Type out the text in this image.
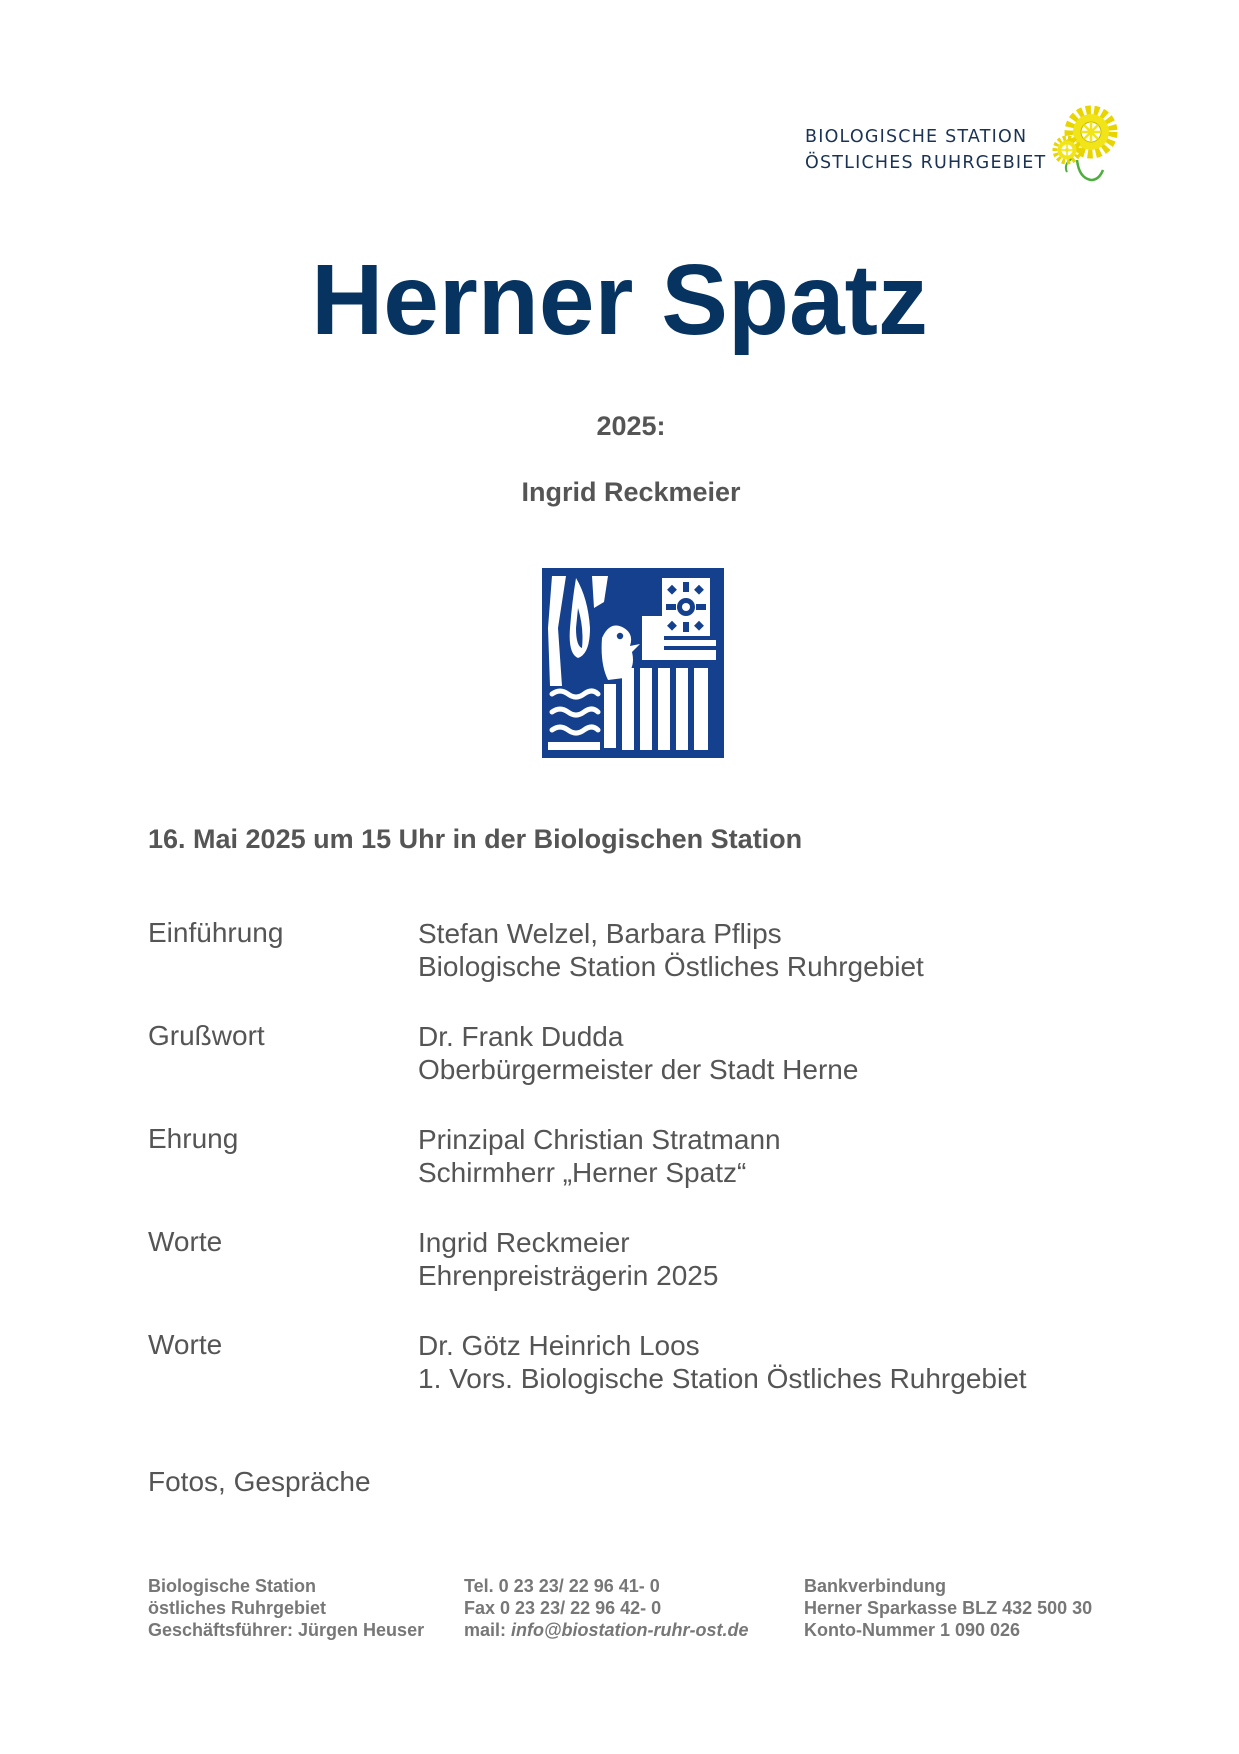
BIOLOGISCHE STATION
ÖSTLICHES RUHRGEBIET
Herner Spatz
2025:
Ingrid Reckmeier
16. Mai 2025 um 15 Uhr in der Biologischen Station
Einführung	Stefan Welzel, Barbara Pflips
Biologische Station Östliches Ruhrgebiet
Grußwort	Dr. Frank Dudda
Oberbürgermeister der Stadt Herne
Ehrung	Prinzipal Christian Stratmann
Schirmherr „Herner Spatz“
Worte	Ingrid Reckmeier
Ehrenpreisträgerin 2025
Worte	Dr. Götz Heinrich Loos
1. Vors. Biologische Station Östliches Ruhrgebiet
Fotos, Gespräche
Biologische Station
östliches Ruhrgebiet
Geschäftsführer: Jürgen Heuser
Tel. 0 23 23/ 22 96 41- 0
Fax 0 23 23/ 22 96 42- 0
mail: info@biostation-ruhr-ost.de
Bankverbindung
Herner Sparkasse BLZ 432 500 30
Konto-Nummer 1 090 026
